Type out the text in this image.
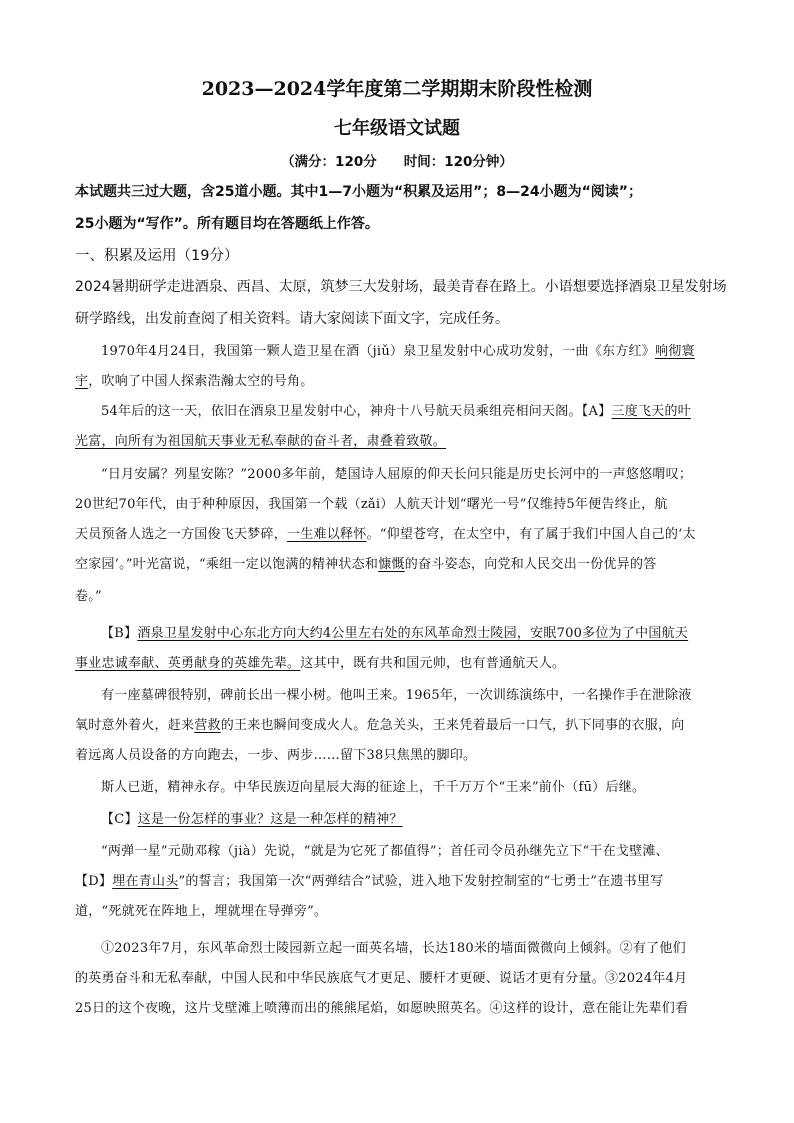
2023—2024学年度第二学期期末阶段性检测
七年级语文试题
（满分：120分　　时间：120分钟）
本试题共三过大题，含25道小题。其中1—7小题为“积累及运用”；8—24小题为“阅读”；
25小题为“写作”。所有题目均在答题纸上作答。
一、积累及运用（19分）
2024暑期研学走进酒泉、西昌、太原，筑梦三大发射场，最美青春在路上。小语想要选择酒泉卫星发射场
研学路线，出发前查阅了相关资料。请大家阅读下面文字，完成任务。
1970年4月24日，我国第一颗人造卫星在酒（jiǔ）泉卫星发射中心成功发射，一曲《东方红》响彻寰
宇，吹响了中国人探索浩瀚太空的号角。
54年后的这一天，依旧在酒泉卫星发射中心，神舟十八号航天员乘组亮相问天阁。【A】三度飞天的叶
光富，向所有为祖国航天事业无私奉献的奋斗者，肃叠着致敬。
“日月安属？列星安陈？”2000多年前，楚国诗人屈原的仰天长问只能是历史长河中的一声悠悠喟叹；
20世纪70年代，由于种种原因，我国第一个载（zǎi）人航天计划“曙光一号”仅维持5年便告终止，航
天员预备人选之一方国俊飞天梦碎，一生难以释怀。“仰望苍穹，在太空中，有了属于我们中国人自己的‘太
空家园’。”叶光富说，“乘组一定以饱满的精神状态和慷慨的奋斗姿态，向党和人民交出一份优异的答
卷。”
【B】酒泉卫星发射中心东北方向大约4公里左右处的东风革命烈士陵园，安眠700多位为了中国航天
事业忠诚奉献、英勇献身的英雄先辈。这其中，既有共和国元帅，也有普通航天人。
有一座墓碑很特别，碑前长出一棵小树。他叫王来。1965年，一次训练演练中，一名操作手在泄除液
氧时意外着火，赶来营救的王来也瞬间变成火人。危急关头，王来凭着最后一口气，扒下同事的衣服，向
着远离人员设备的方向跑去，一步、两步……留下38只焦黑的脚印。
斯人已逝，精神永存。中华民族迈向星辰大海的征途上，千千万万个“王来”前仆（fū）后继。
【C】这是一份怎样的事业？这是一种怎样的精神？
“两弹一星”元勋邓稼（jià）先说，“就是为它死了都值得”；首任司令员孙继先立下“干在戈壁滩、
【D】埋在青山头”的誓言；我国第一次“两弹结合”试验，进入地下发射控制室的“七勇士”在遗书里写
道，“死就死在阵地上，埋就埋在导弹旁”。
①2023年7月，东风革命烈士陵园新立起一面英名墙，长达180米的墙面微微向上倾斜。②有了他们
的英勇奋斗和无私奉献，中国人民和中华民族底气才更足、腰杆才更硬、说话才更有分量。③2024年4月
25日的这个夜晚，这片戈壁滩上喷薄而出的熊熊尾焰，如愿映照英名。④这样的设计，意在能让先辈们看
